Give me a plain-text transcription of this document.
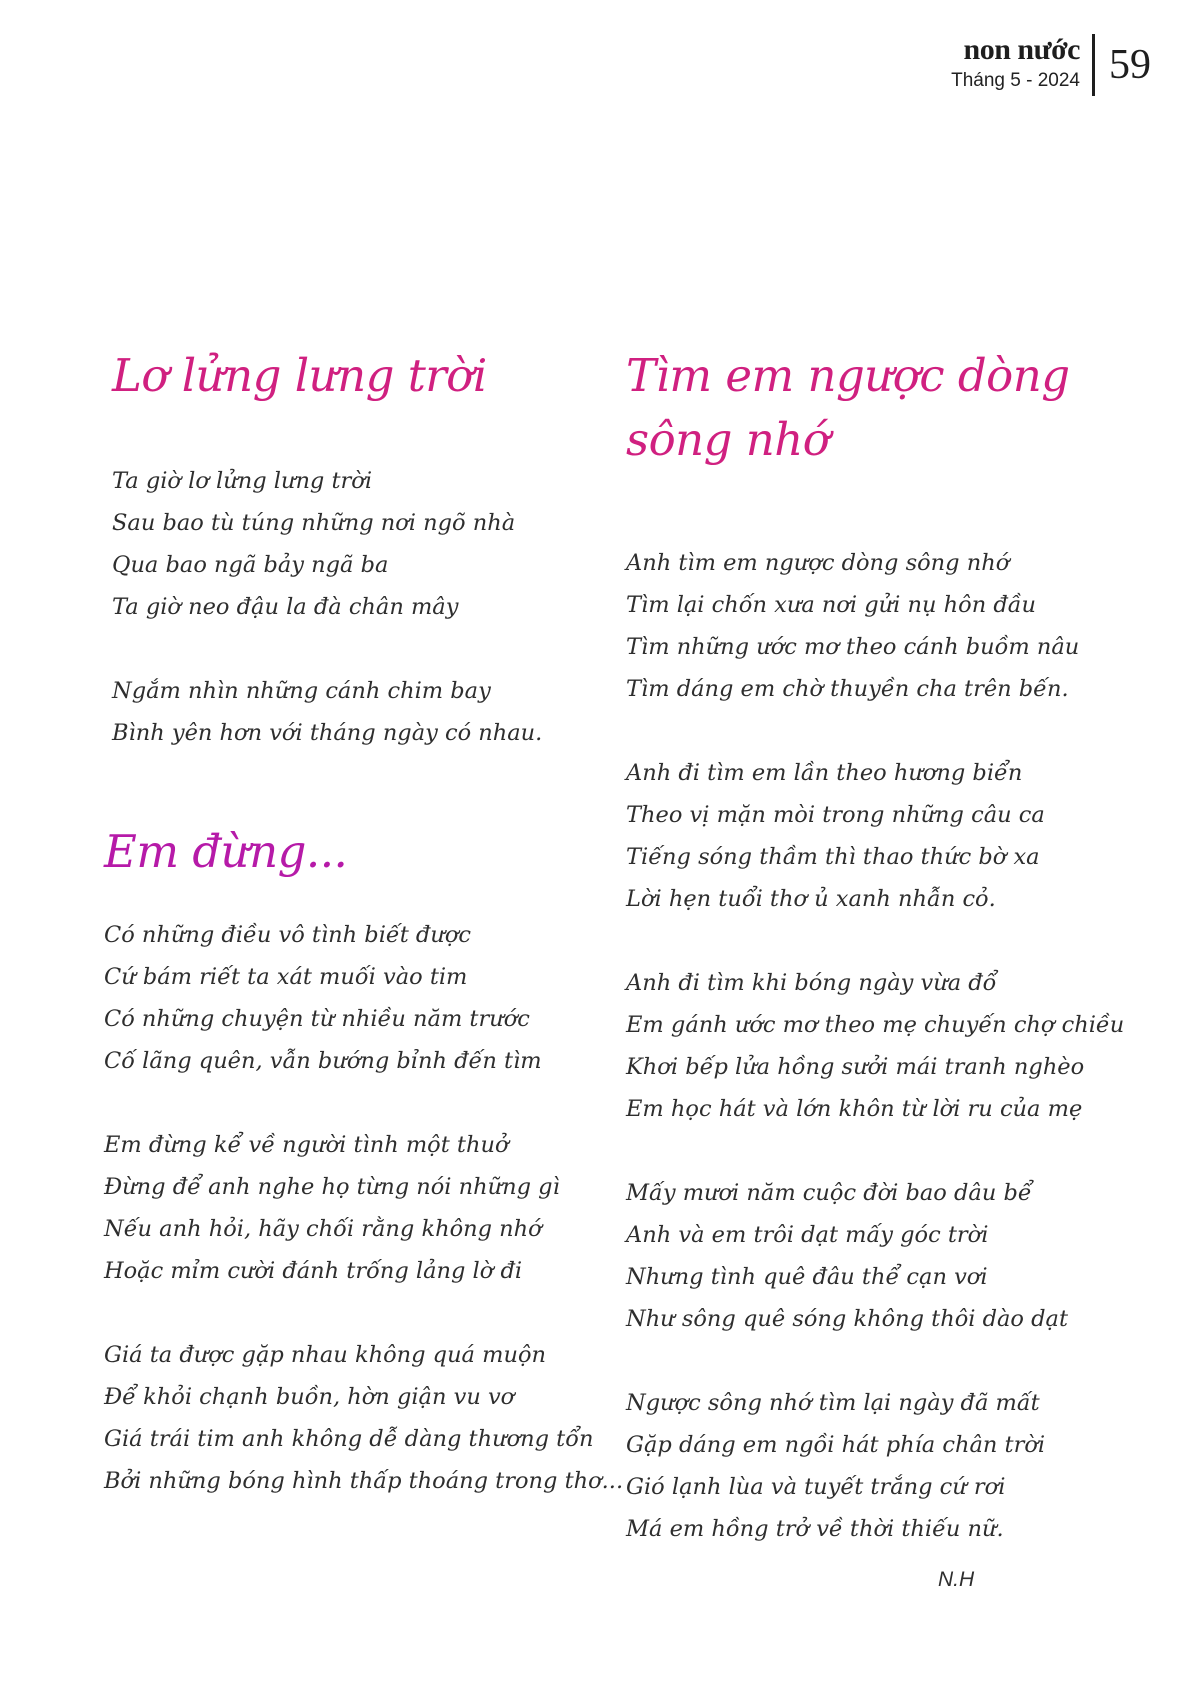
non nước
Tháng 5 - 2024 59
Lơ lửng lưng trời
Ta giờ lơ lửng lưng trời
Sau bao tù túng những nơi ngõ nhà
Qua bao ngã bảy ngã ba
Ta giờ neo đậu la đà chân mây
Ngắm nhìn những cánh chim bay
Bình yên hơn với tháng ngày có nhau.
Em đừng...
Có những điều vô tình biết được
Cứ bám riết ta xát muối vào tim
Có những chuyện từ nhiều năm trước
Cố lãng quên, vẫn bướng bỉnh đến tìm
Em đừng kể về người tình một thuở
Đừng để anh nghe họ từng nói những gì
Nếu anh hỏi, hãy chối rằng không nhớ
Hoặc mỉm cười đánh trống lảng lờ đi
Giá ta được gặp nhau không quá muộn
Để khỏi chạnh buồn, hờn giận vu vơ
Giá trái tim anh không dễ dàng thương tổn
Bởi những bóng hình thấp thoáng trong thơ...
Tìm em ngược dòng
sông nhớ
Anh tìm em ngược dòng sông nhớ
Tìm lại chốn xưa nơi gửi nụ hôn đầu
Tìm những ước mơ theo cánh buồm nâu
Tìm dáng em chờ thuyền cha trên bến.
Anh đi tìm em lần theo hương biển
Theo vị mặn mòi trong những câu ca
Tiếng sóng thầm thì thao thức bờ xa
Lời hẹn tuổi thơ ủ xanh nhẫn cỏ.
Anh đi tìm khi bóng ngày vừa đổ
Em gánh ước mơ theo mẹ chuyến chợ chiều
Khơi bếp lửa hồng sưởi mái tranh nghèo
Em học hát và lớn khôn từ lời ru của mẹ
Mấy mươi năm cuộc đời bao dâu bể
Anh và em trôi dạt mấy góc trời
Nhưng tình quê đâu thể cạn vơi
Như sông quê sóng không thôi dào dạt
Ngược sông nhớ tìm lại ngày đã mất
Gặp dáng em ngồi hát phía chân trời
Gió lạnh lùa và tuyết trắng cứ rơi
Má em hồng trở về thời thiếu nữ.
N.H
